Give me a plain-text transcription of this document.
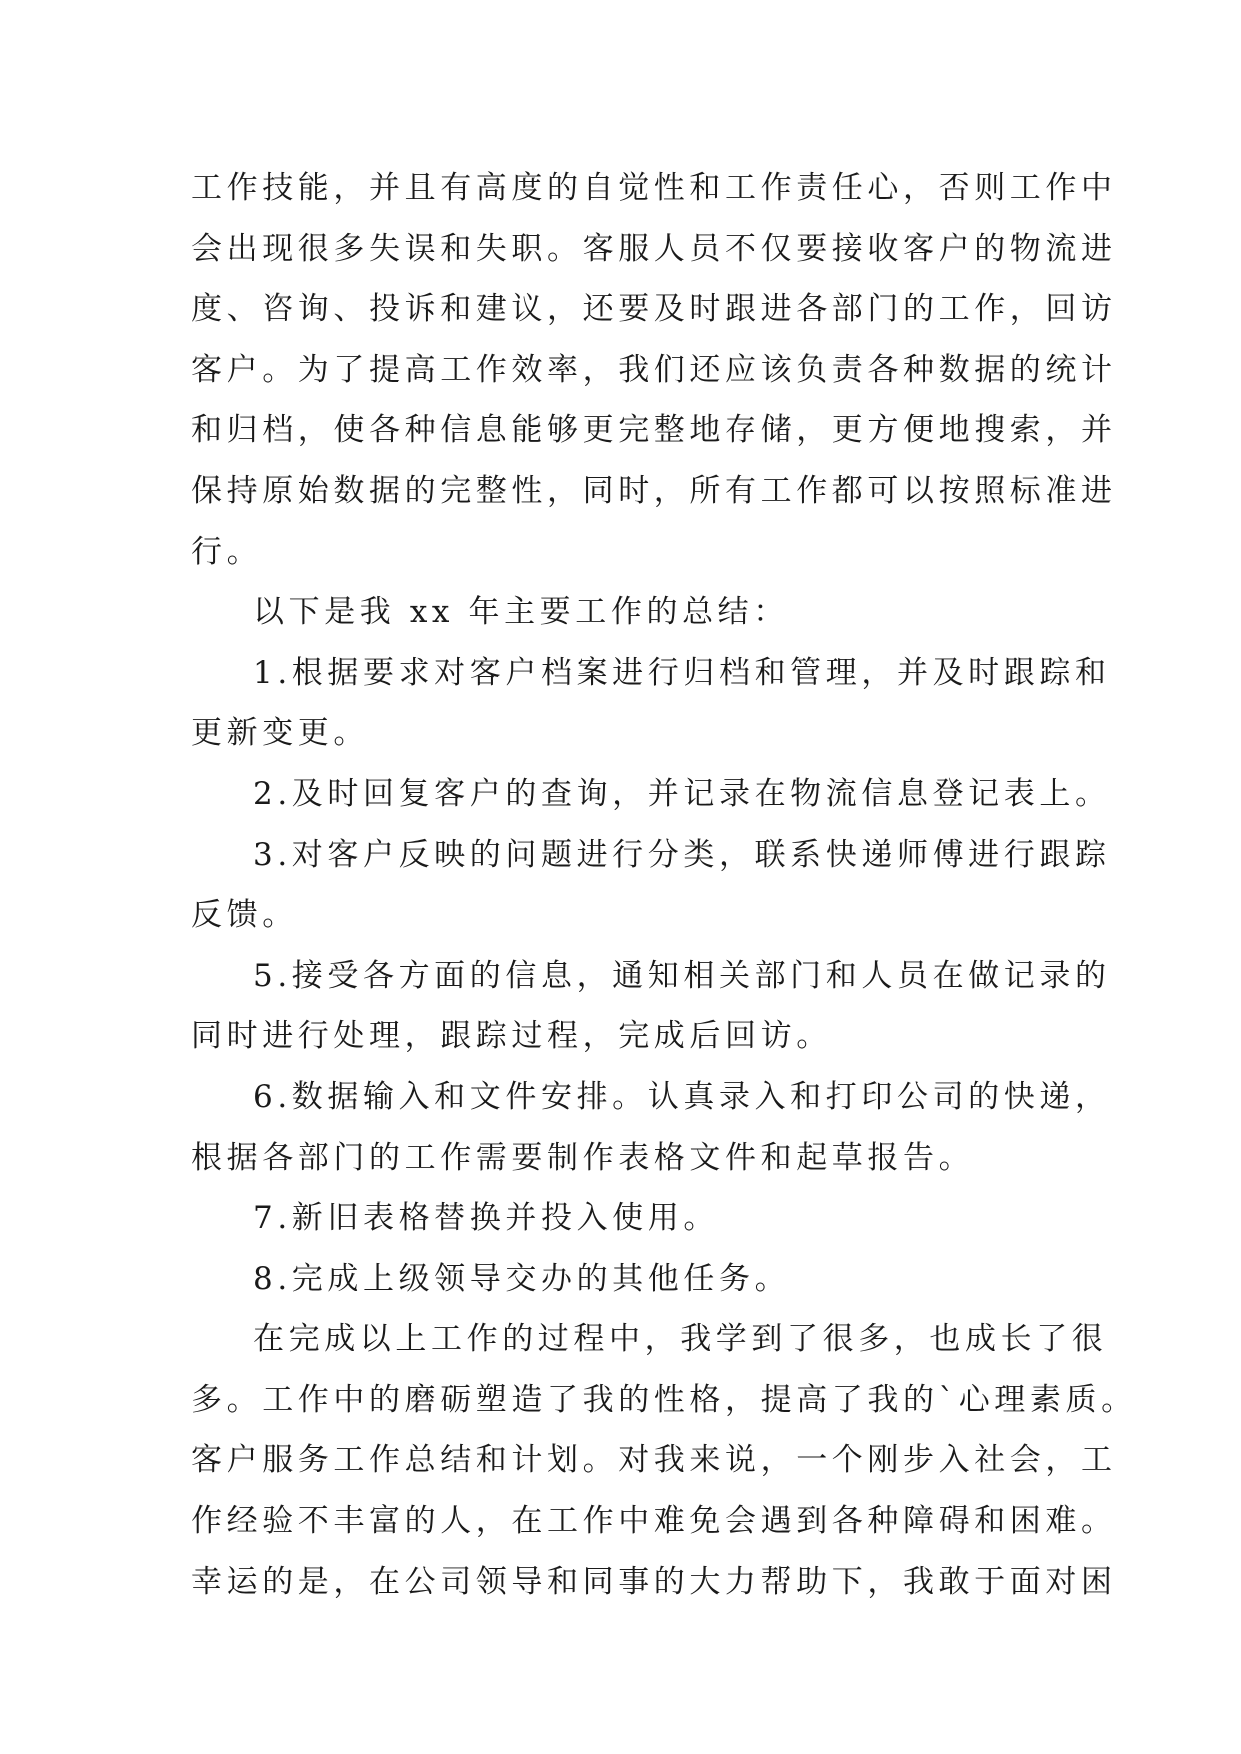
工作技能，并且有高度的自觉性和工作责任心，否则工作中
会出现很多失误和失职。客服人员不仅要接收客户的物流进
度、咨询、投诉和建议，还要及时跟进各部门的工作，回访
客户。为了提高工作效率，我们还应该负责各种数据的统计
和归档，使各种信息能够更完整地存储，更方便地搜索，并
保持原始数据的完整性，同时，所有工作都可以按照标准进
行。
以下是我 xx 年主要工作的总结：
1.根据要求对客户档案进行归档和管理，并及时跟踪和
更新变更。
2.及时回复客户的查询，并记录在物流信息登记表上。
3.对客户反映的问题进行分类，联系快递师傅进行跟踪
反馈。
5.接受各方面的信息，通知相关部门和人员在做记录的
同时进行处理，跟踪过程，完成后回访。
6.数据输入和文件安排。认真录入和打印公司的快递，
根据各部门的工作需要制作表格文件和起草报告。
7.新旧表格替换并投入使用。
8.完成上级领导交办的其他任务。
在完成以上工作的过程中，我学到了很多，也成长了很
多。工作中的磨砺塑造了我的性格，提高了我的`心理素质。
客户服务工作总结和计划。对我来说，一个刚步入社会，工
作经验不丰富的人，在工作中难免会遇到各种障碍和困难。
幸运的是，在公司领导和同事的大力帮助下，我敢于面对困
